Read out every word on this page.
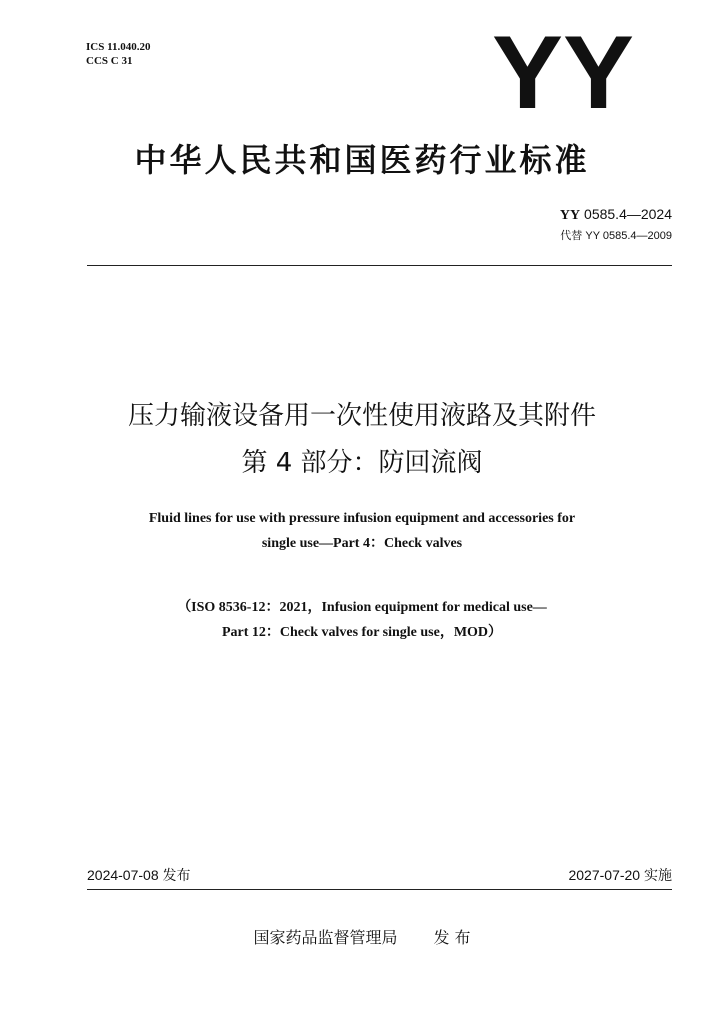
ICS 11.040.20
CCS C 31	YY
中华人民共和国医药行业标准
YY 0585.4—2024
代替 YY 0585.4—2009
压力输液设备用一次性使用液路及其附件
第 4 部分：防回流阀
Fluid lines for use with pressure infusion equipment and accessories for
single use—Part 4：Check valves
（ISO 8536-12：2021，Infusion equipment for medical use—
Part 12：Check valves for single use，MOD）
2024-07-08 发布	2027-07-20 实施
国家药品监督管理局 发 布
